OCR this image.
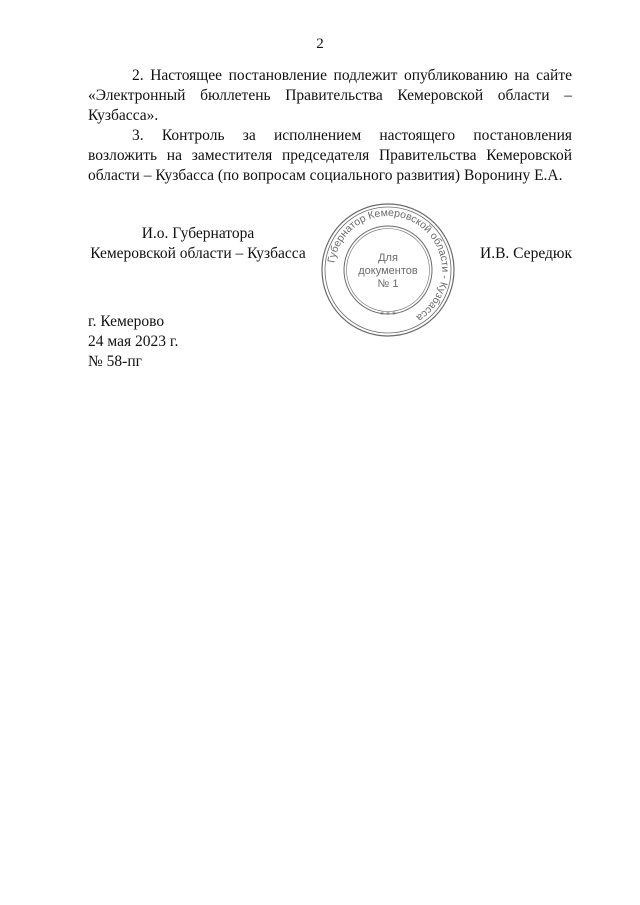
2

2. Настоящее постановление подлежит опубликованию на сайте «Электронный бюллетень Правительства Кемеровской области – Кузбасса».

3. Контроль за исполнением настоящего постановления возложить на заместителя председателя Правительства Кемеровской области – Кузбасса (по вопросам социального развития) Воронину Е.А.

И.о. Губернатора
Кемеровской области – Кузбасса Губернатор Кемеровской области - Кузбасса
* * *
Для
документов
№ 1
И.В. Середюк
г. Кемерово
24 мая 2023 г.
№ 58-пг
